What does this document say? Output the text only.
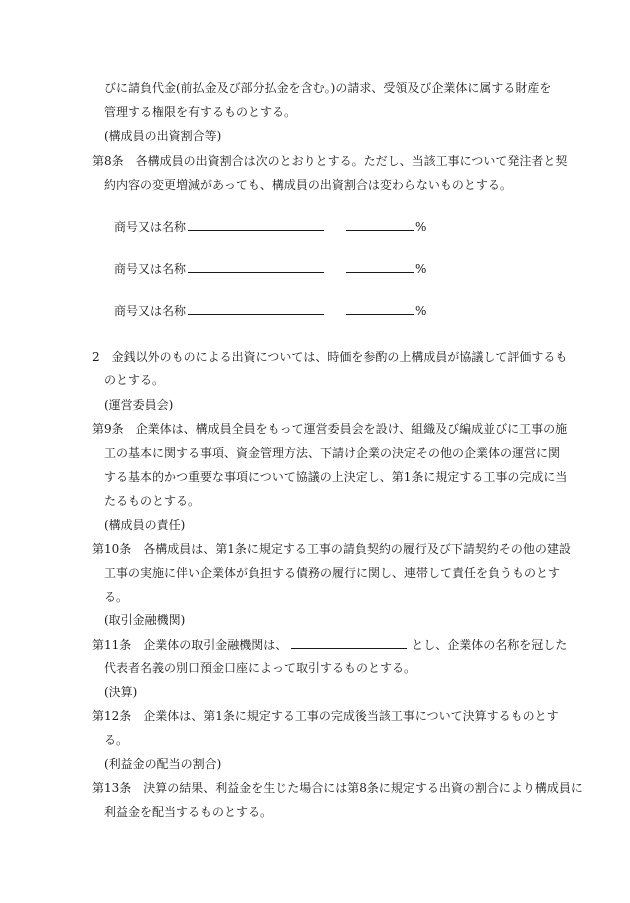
びに請負代金(前払金及び部分払金を含む。)の請求、受領及び企業体に属する財産を
管理する権限を有するものとする。
(構成員の出資割合等)
第8条　各構成員の出資割合は次のとおりとする。ただし、当該工事について発注者と契
約内容の変更増減があっても、構成員の出資割合は変わらないものとする。
商号又は名称	%
商号又は名称	%
商号又は名称	%
2　金銭以外のものによる出資については、時価を参酌の上構成員が協議して評価するも
のとする。
(運営委員会)
第9条　企業体は、構成員全員をもって運営委員会を設け、組織及び編成並びに工事の施
工の基本に関する事項、資金管理方法、下請け企業の決定その他の企業体の運営に関
する基本的かつ重要な事項について協議の上決定し、第1条に規定する工事の完成に当
たるものとする。
(構成員の責任)
第10条　各構成員は、第1条に規定する工事の請負契約の履行及び下請契約その他の建設
工事の実施に伴い企業体が負担する債務の履行に関し、連帯して責任を負うものとす
る。
(取引金融機関)
第11条　企業体の取引金融機関は、	とし、企業体の名称を冠した
代表者名義の別口預金口座によって取引するものとする。
(決算)
第12条　企業体は、第1条に規定する工事の完成後当該工事について決算するものとす
る。
(利益金の配当の割合)
第13条　決算の結果、利益金を生じた場合には第8条に規定する出資の割合により構成員に
利益金を配当するものとする。
